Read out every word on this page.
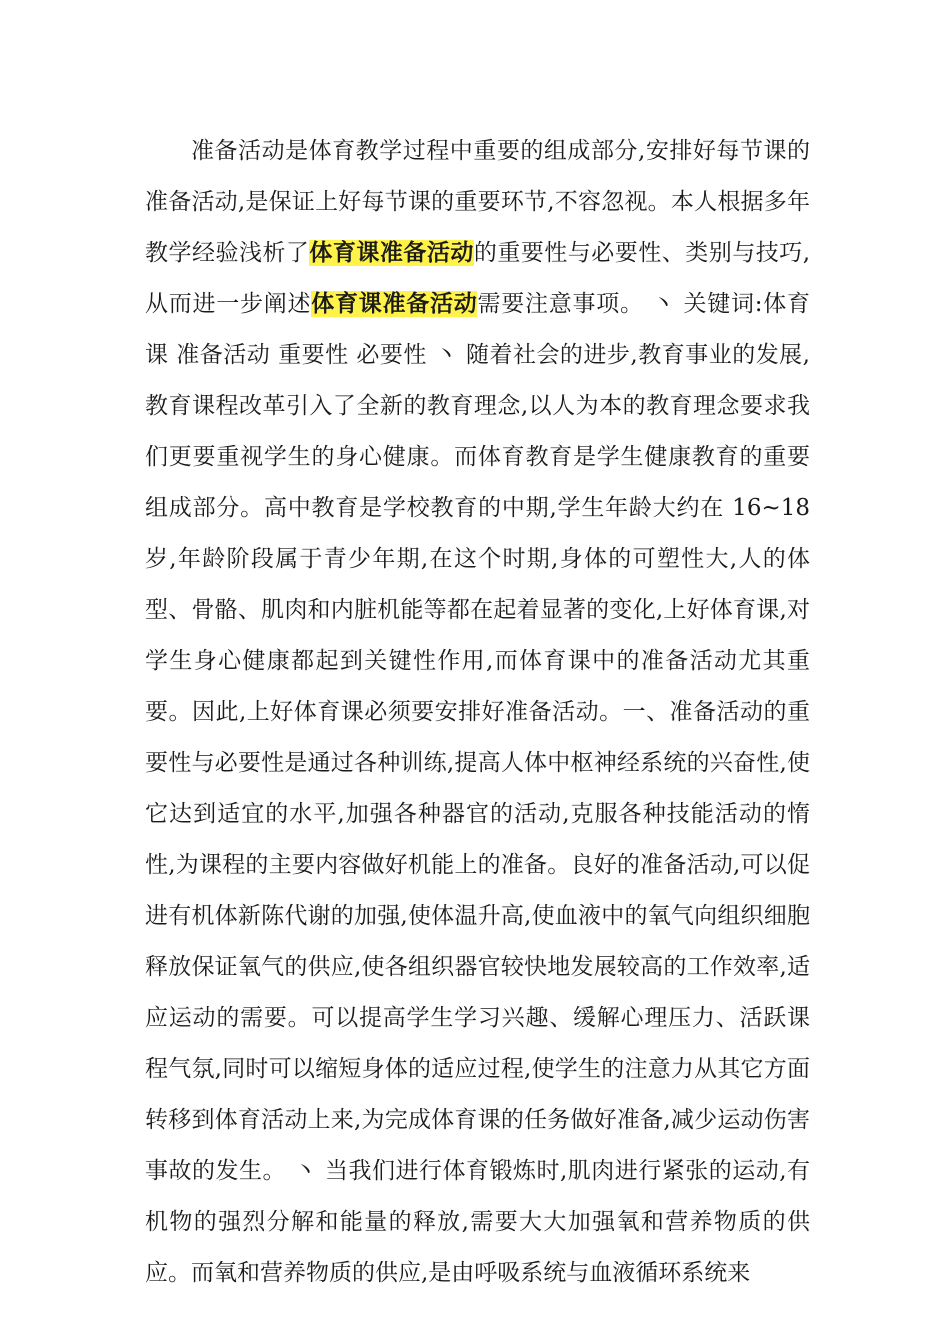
准备活动是体育教学过程中重要的组成部分,安排好每节课的准备活动,是保证上好每节课的重要环节,不容忽视。本人根据多年教学经验浅析了体育课准备活动的重要性与必要性、类别与技巧,从而进一步阐述体育课准备活动需要注意事项。 丶 关键词:体育课 准备活动 重要性 必要性 丶 随着社会的进步,教育事业的发展,教育课程改革引入了全新的教育理念,以人为本的教育理念要求我们更要重视学生的身心健康。而体育教育是学生健康教育的重要组成部分。高中教育是学校教育的中期,学生年龄大约在 16~18 岁,年龄阶段属于青少年期,在这个时期,身体的可塑性大,人的体型、骨骼、肌肉和内脏机能等都在起着显著的变化,上好体育课,对学生身心健康都起到关键性作用,而体育课中的准备活动尤其重要。因此,上好体育课必须要安排好准备活动。一、准备活动的重要性与必要性是通过各种训练,提高人体中枢神经系统的兴奋性,使它达到适宜的水平,加强各种器官的活动,克服各种技能活动的惰性,为课程的主要内容做好机能上的准备。良好的准备活动,可以促进有机体新陈代谢的加强,使体温升高,使血液中的氧气向组织细胞释放保证氧气的供应,使各组织器官较快地发展较高的工作效率,适应运动的需要。可以提高学生学习兴趣、缓解心理压力、活跃课程气氛,同时可以缩短身体的适应过程,使学生的注意力从其它方面转移到体育活动上来,为完成体育课的任务做好准备,减少运动伤害事故的发生。 丶 当我们进行体育锻炼时,肌肉进行紧张的运动,有机物的强烈分解和能量的释放,需要大大加强氧和营养物质的供应。而氧和营养物质的供应,是由呼吸系统与血液循环系统来
